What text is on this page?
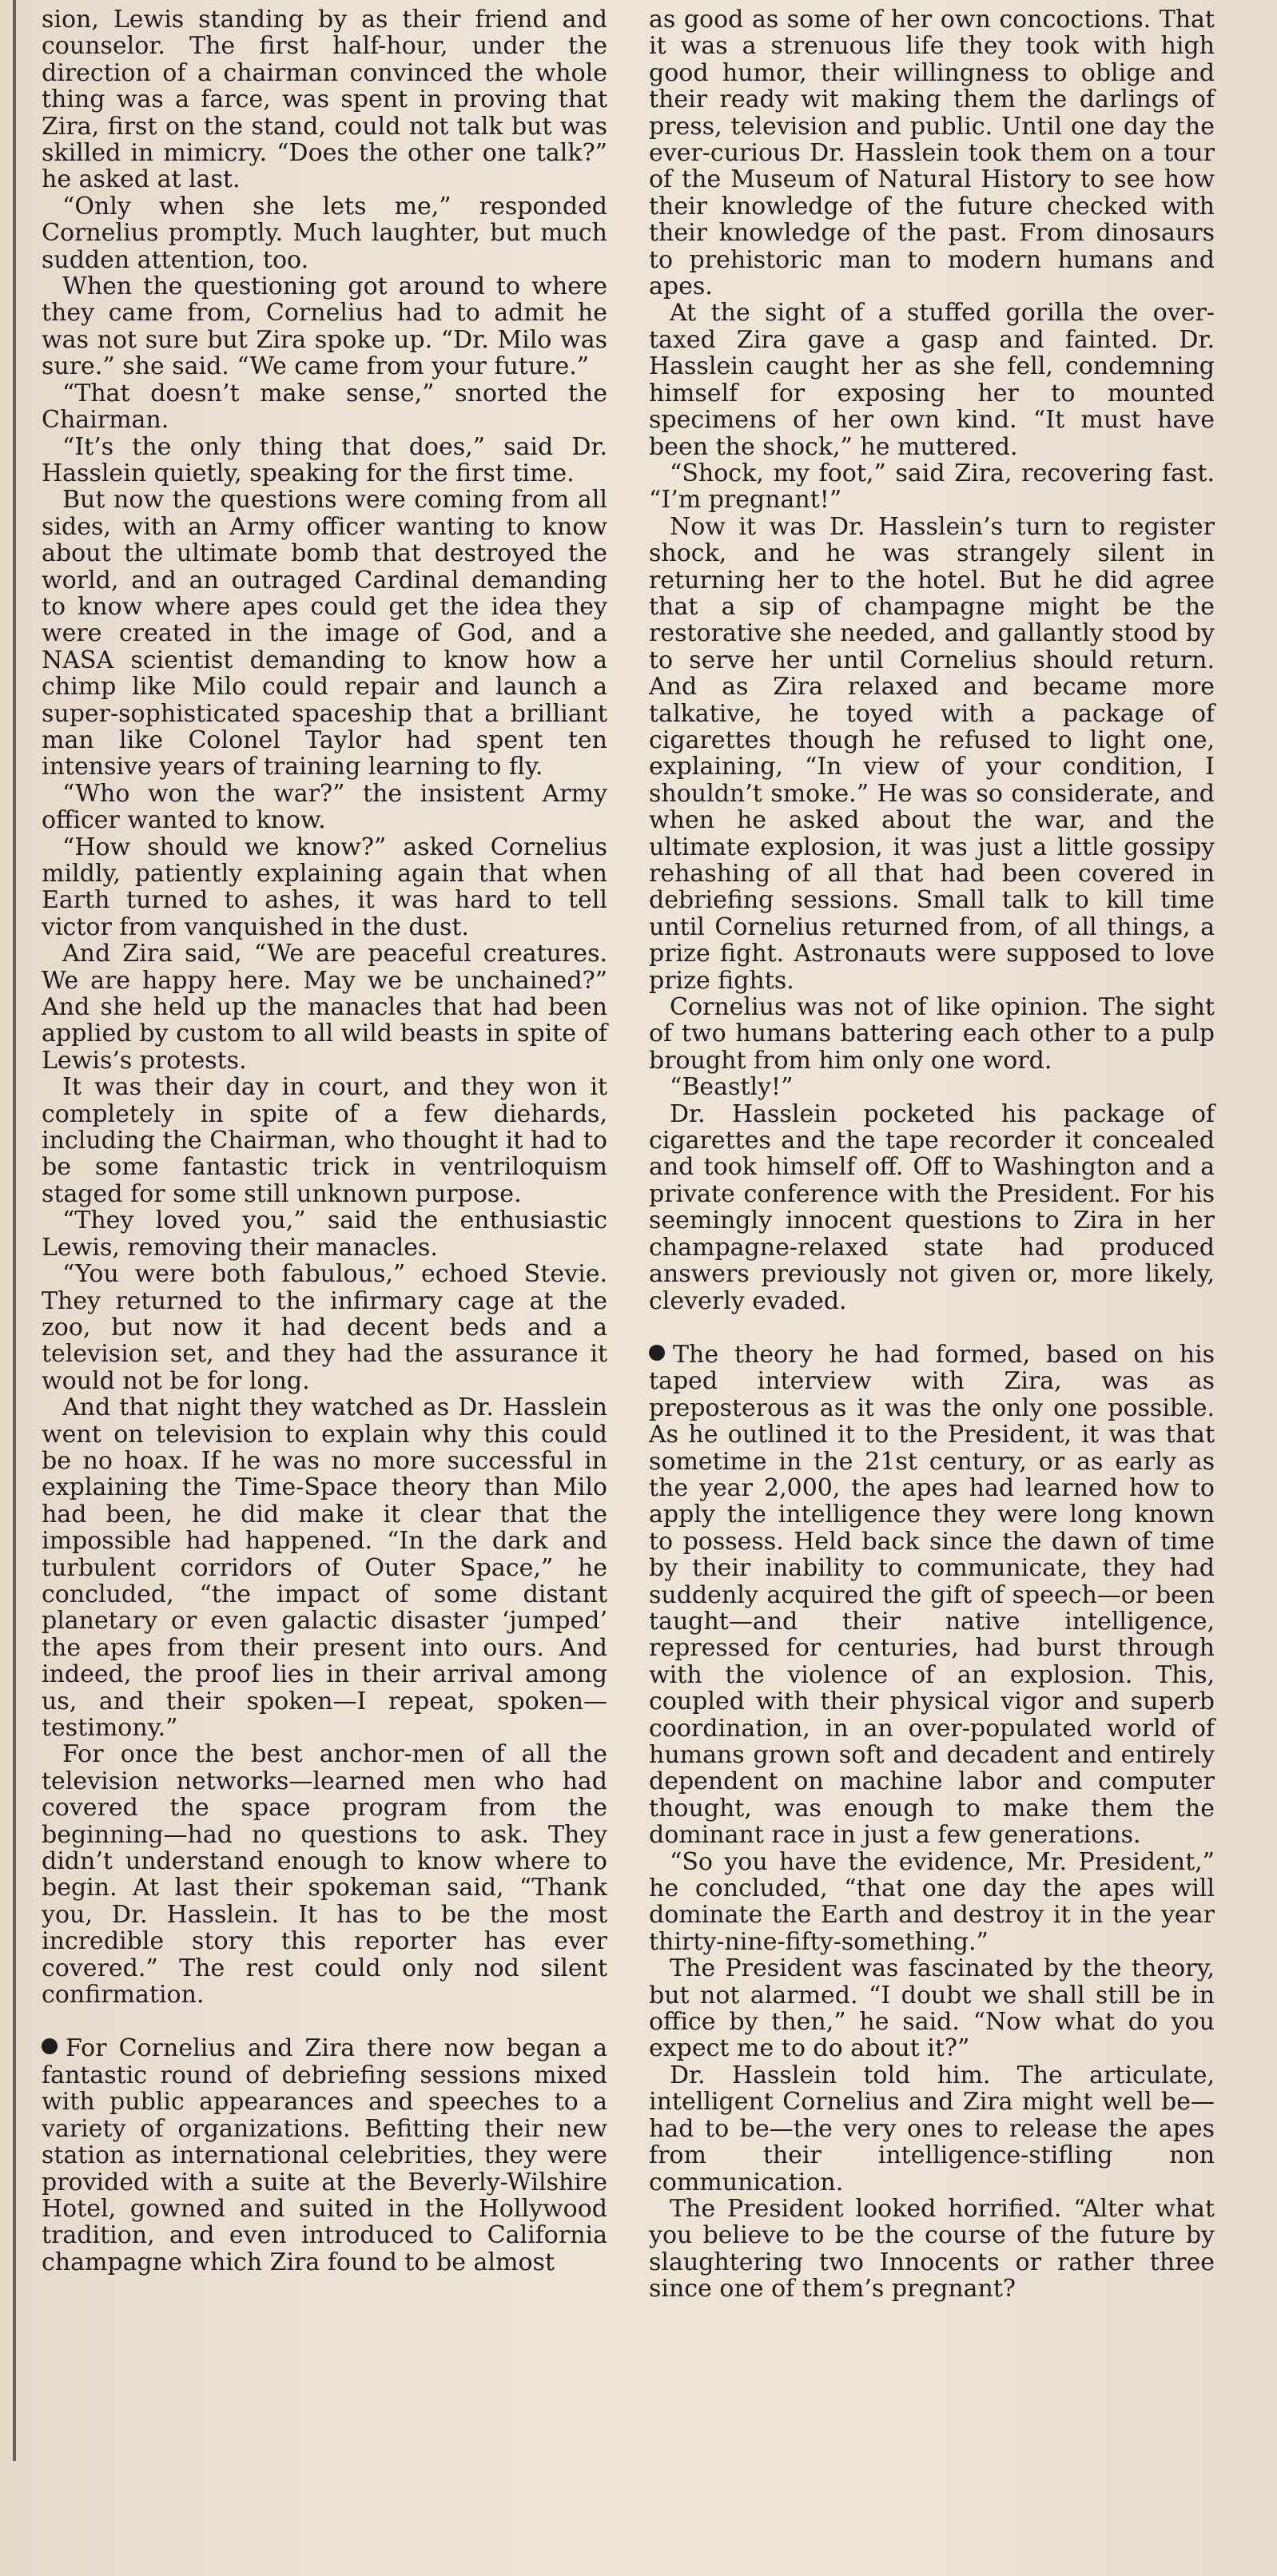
sion, Lewis standing by as their friend and counselor. The first half-hour, under the direction of a chairman convinced the whole thing was a farce, was spent in proving that Zira, first on the stand, could not talk but was skilled in mimicry. “Does the other one talk?” he asked at last.

“Only when she lets me,” responded Cornelius promptly. Much laughter, but much sudden attention, too.

When the questioning got around to where they came from, Cornelius had to admit he was not sure but Zira spoke up. “Dr. Milo was sure.” she said. “We came from your future.”

“That doesn’t make sense,” snorted the Chairman.

“It’s the only thing that does,” said Dr. Hasslein quietly, speaking for the first time.

But now the questions were coming from all sides, with an Army officer wanting to know about the ultimate bomb that destroyed the world, and an outraged Cardinal demanding to know where apes could get the idea they were created in the image of God, and a NASA scientist demanding to know how a chimp like Milo could repair and launch a super-sophisticated spaceship that a brilliant man like Colonel Taylor had spent ten intensive years of training learning to fly.

“Who won the war?” the insistent Army officer wanted to know.

“How should we know?” asked Cornelius mildly, patiently explaining again that when Earth turned to ashes, it was hard to tell victor from vanquished in the dust.

And Zira said, “We are peaceful creatures. We are happy here. May we be unchained?” And she held up the manacles that had been applied by custom to all wild beasts in spite of Lewis’s protests.

It was their day in court, and they won it completely in spite of a few diehards, including the Chairman, who thought it had to be some fantastic trick in ventriloquism staged for some still unknown purpose.

“They loved you,” said the enthusiastic Lewis, removing their manacles.

“You were both fabulous,” echoed Stevie. They returned to the infirmary cage at the zoo, but now it had decent beds and a television set, and they had the assurance it would not be for long.

And that night they watched as Dr. Hasslein went on television to explain why this could be no hoax. If he was no more successful in explaining the Time-Space theory than Milo had been, he did make it clear that the impossible had happened. “In the dark and turbulent corridors of Outer Space,” he concluded, “the impact of some distant planetary or even galactic disaster ‘jumped’ the apes from their present into ours. And indeed, the proof lies in their arrival among us, and their spoken—I repeat, spoken—testimony.”

For once the best anchor-men of all the television networks—learned men who had covered the space program from the beginning—had no questions to ask. They didn’t understand enough to know where to begin. At last their spokeman said, “Thank you, Dr. Hasslein. It has to be the most incredible story this reporter has ever covered.” The rest could only nod silent confirmation.

For Cornelius and Zira there now began a fantastic round of debriefing sessions mixed with public appearances and speeches to a variety of organizations. Befitting their new station as international celebrities, they were provided with a suite at the Beverly-Wilshire Hotel, gowned and suited in the Hollywood tradition, and even introduced to California champagne which Zira found to be almost

as good as some of her own concoctions. That it was a strenuous life they took with high good humor, their willingness to oblige and their ready wit making them the darlings of press, television and public. Until one day the ever-curious Dr. Hasslein took them on a tour of the Museum of Natural History to see how their knowledge of the future checked with their knowledge of the past. From dinosaurs to prehistoric man to modern humans and apes.

At the sight of a stuffed gorilla the over-taxed Zira gave a gasp and fainted. Dr. Hasslein caught her as she fell, condemning himself for exposing her to mounted specimens of her own kind. “It must have been the shock,” he muttered.

“Shock, my foot,” said Zira, recovering fast. “I’m pregnant!”

Now it was Dr. Hasslein’s turn to register shock, and he was strangely silent in returning her to the hotel. But he did agree that a sip of champagne might be the restorative she needed, and gallantly stood by to serve her until Cornelius should return. And as Zira relaxed and became more talkative, he toyed with a package of cigarettes though he refused to light one, explaining, “In view of your condition, I shouldn’t smoke.” He was so considerate, and when he asked about the war, and the ultimate explosion, it was just a little gossipy rehashing of all that had been covered in debriefing sessions. Small talk to kill time until Cornelius returned from, of all things, a prize fight. Astronauts were supposed to love prize fights.

Cornelius was not of like opinion. The sight of two humans battering each other to a pulp brought from him only one word.

“Beastly!”

Dr. Hasslein pocketed his package of cigarettes and the tape recorder it concealed and took himself off. Off to Washington and a private conference with the President. For his seemingly innocent questions to Zira in her champagne-relaxed state had produced answers previously not given or, more likely, cleverly evaded.

The theory he had formed, based on his taped interview with Zira, was as preposterous as it was the only one possible. As he outlined it to the President, it was that sometime in the 21st century, or as early as the year 2,000, the apes had learned how to apply the intelligence they were long known to possess. Held back since the dawn of time by their inability to communicate, they had suddenly acquired the gift of speech—or been taught—and their native intelligence, repressed for centuries, had burst through with the violence of an explosion. This, coupled with their physical vigor and superb coordination, in an over-populated world of humans grown soft and decadent and entirely dependent on machine labor and computer thought, was enough to make them the dominant race in just a few generations.

“So you have the evidence, Mr. President,” he concluded, “that one day the apes will dominate the Earth and destroy it in the year thirty-nine-fifty-something.”

The President was fascinated by the theory, but not alarmed. “I doubt we shall still be in office by then,” he said. “Now what do you expect me to do about it?”

Dr. Hasslein told him. The articulate, intelligent Cornelius and Zira might well be—had to be—the very ones to release the apes from their intelligence-stifling non communication.

The President looked horrified. “Alter what you believe to be the course of the future by slaughtering two Innocents or rather three since one of them’s pregnant?
